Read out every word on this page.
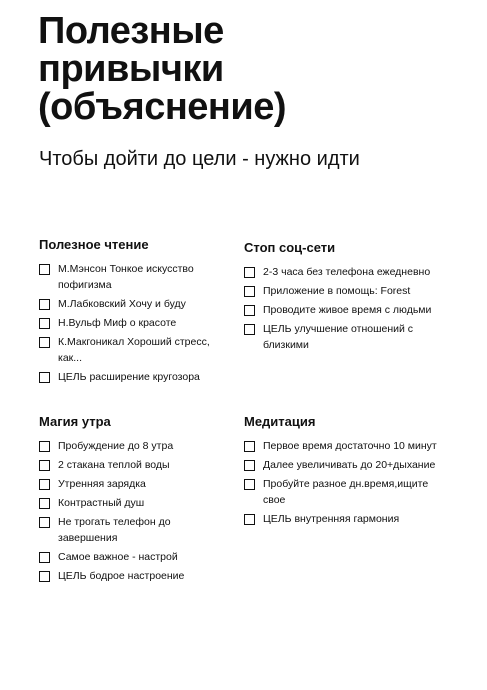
Полезные
привычки
(объяснение)

Чтобы дойти до цели - нужно идти

Полезное чтение
М.Мэнсон Тонкое искусство пофигизма
М.Лабковский Хочу и буду
Н.Вульф Миф о красоте
К.Макгоникал Хороший стресс, как...
ЦЕЛЬ расширение кругозора
Стоп соц-сети
2-3 часа без телефона ежедневно
Приложение в помощь: Forest
Проводите живое время с людьми
ЦЕЛЬ улучшение отношений с близкими
Магия утра
Пробуждение до 8 утра
2 стакана теплой воды
Утренняя зарядка
Контрастный душ
Не трогать телефон до завершения
Самое важное - настрой
ЦЕЛЬ бодрое настроение
Медитация
Первое время достаточно 10 минут
Далее увеличивать до 20+дыхание
Пробуйте разное дн.время,ищите свое
ЦЕЛЬ внутренняя гармония
